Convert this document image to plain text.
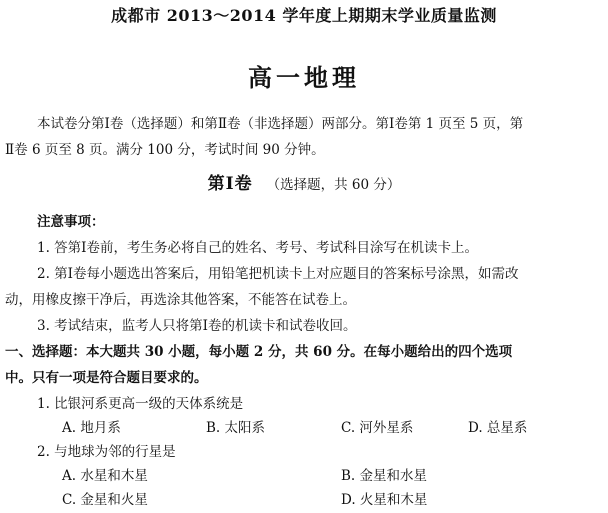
成都市 2013～2014 学年度上期期末学业质量监测
高一地理
本试卷分第Ⅰ卷（选择题）和第Ⅱ卷（非选择题）两部分。第Ⅰ卷第 1 页至 5 页，第
Ⅱ卷 6 页至 8 页。满分 100 分，考试时间 90 分钟。
第Ⅰ卷 （选择题，共 60 分）
注意事项：
1. 答第Ⅰ卷前，考生务必将自己的姓名、考号、考试科目涂写在机读卡上。
2. 第Ⅰ卷每小题选出答案后，用铅笔把机读卡上对应题目的答案标号涂黑，如需改
动，用橡皮擦干净后，再选涂其他答案，不能答在试卷上。
3. 考试结束，监考人只将第Ⅰ卷的机读卡和试卷收回。
一、选择题：本大题共 30 小题，每小题 2 分，共 60 分。在每小题给出的四个选项
中。只有一项是符合题目要求的。
1. 比银河系更高一级的天体系统是
A. 地月系	B. 太阳系	C. 河外星系	D. 总星系
2. 与地球为邻的行星是
A. 水星和木星	B. 金星和水星
C. 金星和火星	D. 火星和木星
